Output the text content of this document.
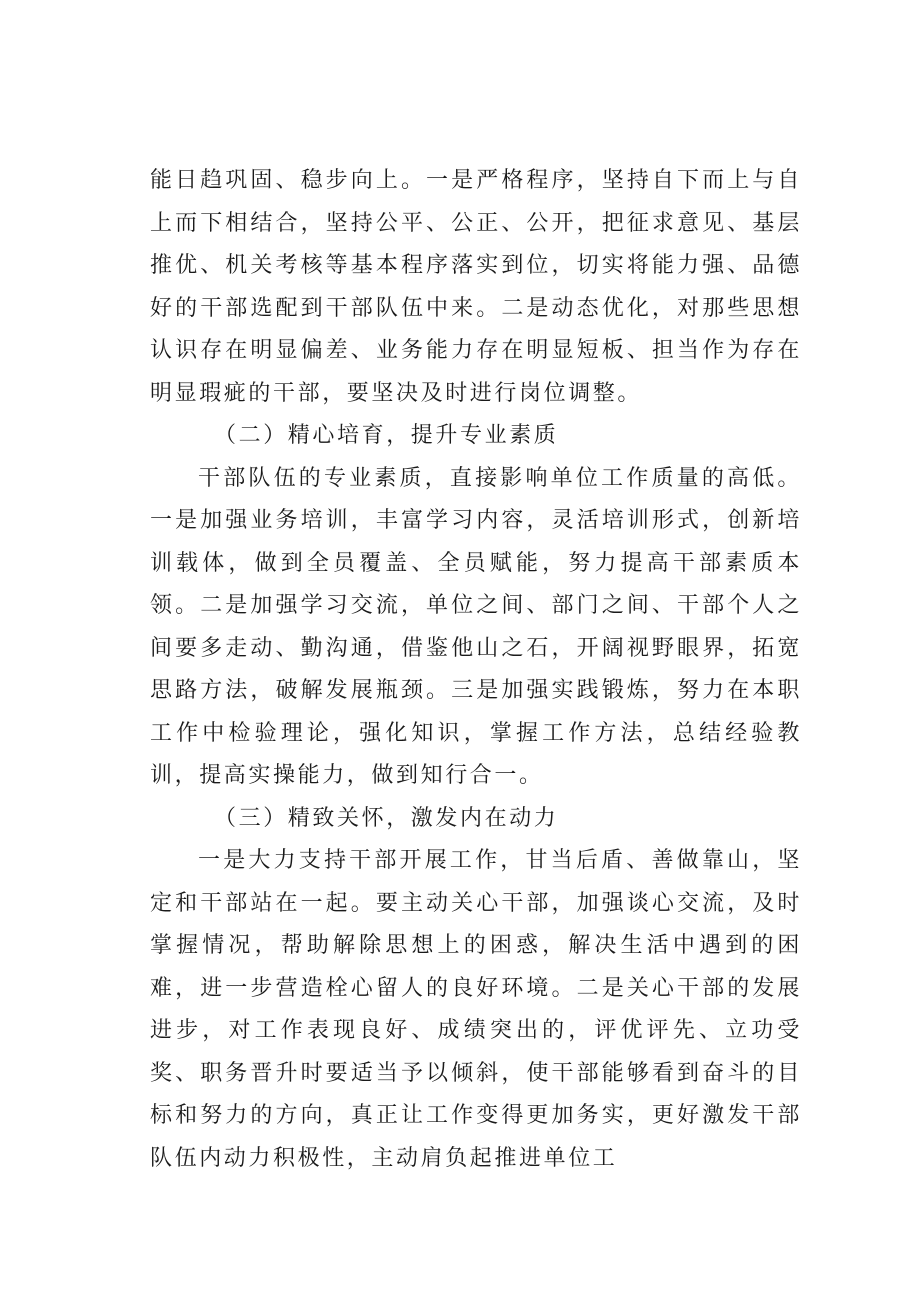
能日趋巩固、稳步向上。一是严格程序，坚持自下而上与自上而下相结合，坚持公平、公正、公开，把征求意见、基层推优、机关考核等基本程序落实到位，切实将能力强、品德好的干部选配到干部队伍中来。二是动态优化，对那些思想认识存在明显偏差、业务能力存在明显短板、担当作为存在明显瑕疵的干部，要坚决及时进行岗位调整。

（二）精心培育，提升专业素质

干部队伍的专业素质，直接影响单位工作质量的高低。一是加强业务培训，丰富学习内容，灵活培训形式，创新培训载体，做到全员覆盖、全员赋能，努力提高干部素质本领。二是加强学习交流，单位之间、部门之间、干部个人之间要多走动、勤沟通，借鉴他山之石，开阔视野眼界，拓宽思路方法，破解发展瓶颈。三是加强实践锻炼，努力在本职工作中检验理论，强化知识，掌握工作方法，总结经验教训，提高实操能力，做到知行合一。

（三）精致关怀，激发内在动力

一是大力支持干部开展工作，甘当后盾、善做靠山，坚定和干部站在一起。要主动关心干部，加强谈心交流，及时掌握情况，帮助解除思想上的困惑，解决生活中遇到的困难，进一步营造栓心留人的良好环境。二是关心干部的发展进步，对工作表现良好、成绩突出的，评优评先、立功受奖、职务晋升时要适当予以倾斜，使干部能够看到奋斗的目标和努力的方向，真正让工作变得更加务实，更好激发干部队伍内动力积极性，主动肩负起推进单位工
